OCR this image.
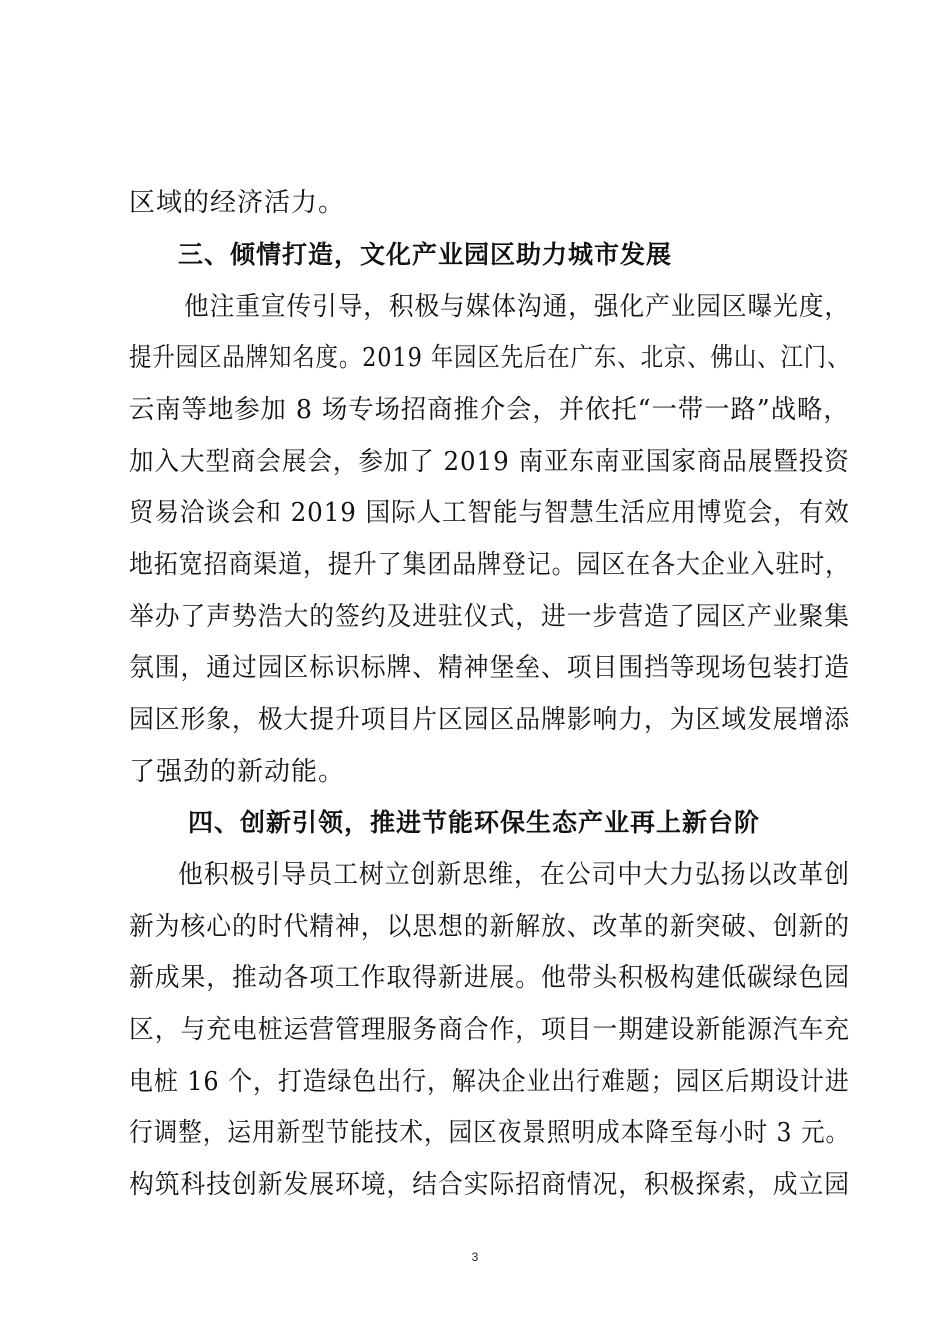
区域的经济活力。
三、倾情打造，文化产业园区助力城市发展
他注重宣传引导，积极与媒体沟通，强化产业园区曝光度，
提升园区品牌知名度。2019 年园区先后在广东、北京、佛山、江门、
云南等地参加 8 场专场招商推介会，并依托“一带一路”战略，
加入大型商会展会，参加了 2019 南亚东南亚国家商品展暨投资
贸易洽谈会和 2019 国际人工智能与智慧生活应用博览会，有效
地拓宽招商渠道，提升了集团品牌登记。园区在各大企业入驻时，
举办了声势浩大的签约及进驻仪式，进一步营造了园区产业聚集
氛围，通过园区标识标牌、精神堡垒、项目围挡等现场包装打造
园区形象，极大提升项目片区园区品牌影响力，为区域发展增添
了强劲的新动能。
四、创新引领，推进节能环保生态产业再上新台阶
他积极引导员工树立创新思维，在公司中大力弘扬以改革创
新为核心的时代精神，以思想的新解放、改革的新突破、创新的
新成果，推动各项工作取得新进展。他带头积极构建低碳绿色园
区，与充电桩运营管理服务商合作，项目一期建设新能源汽车充
电桩 16 个，打造绿色出行，解决企业出行难题；园区后期设计进
行调整，运用新型节能技术，园区夜景照明成本降至每小时 3 元。
构筑科技创新发展环境，结合实际招商情况，积极探索，成立园
3
